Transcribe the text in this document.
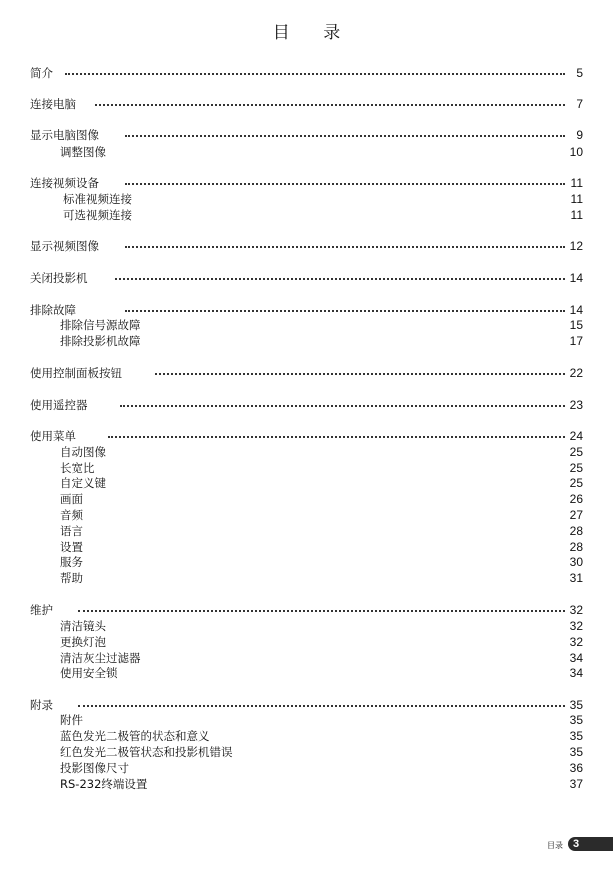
目 录
简介	5
连接电脑	7
显示电脑图像	9
调整图像	10
连接视频设备	11
标准视频连接	11
可选视频连接	11
显示视频图像	12
关闭投影机	14
排除故障	14
排除信号源故障	15
排除投影机故障	17
使用控制面板按钮	22
使用遥控器	23
使用菜单	24
自动图像	25
长宽比	25
自定义键	25
画面	26
音频	27
语言	28
设置	28
服务	30
帮助	31
维护	32
清洁镜头	32
更换灯泡	32
清洁灰尘过滤器	34
使用安全锁	34
附录	35
附件	35
蓝色发光二极管的状态和意义	35
红色发光二极管状态和投影机错误	35
投影图像尺寸	36
RS-232终端设置	37
目录 3
